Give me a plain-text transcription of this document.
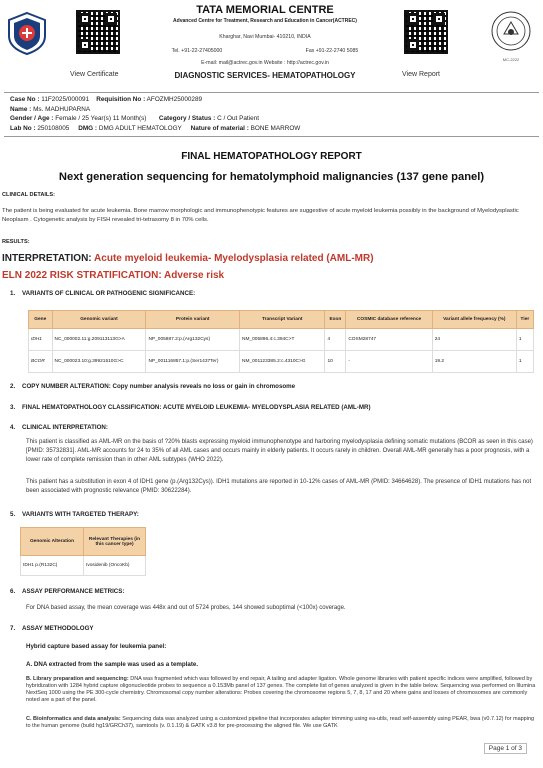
View Certificate	View Report
MC-2222
TATA MEMORIAL CENTRE
Advanced Centre for Treatment, Research and Education in Cancer(ACTREC)
Kharghar, Navi Mumbai- 410210, INDIA
Tel. +91-22-27405000	Fax +91-22-2740 5085
E-mail: mail@actrec.gov.in Website : http://actrec.gov.in
DIAGNOSTIC SERVICES- HEMATOPATHOLOGY
Case No : 11F2025/000091 Requisition No : AFOZMH25000289
Name : Ms. MADHUPARNA
Gender / Age : Female / 25 Year(s) 11 Month(s) Category / Status : C / Out Patient
Lab No : 250108005 DMG : DMG ADULT HEMATOLOGY Nature of material : BONE MARROW
FINAL HEMATOPATHOLOGY REPORT
Next generation sequencing for hematolymphoid malignancies (137 gene panel)
CLINICAL DETAILS:
The patient is being evaluated for acute leukemia. Bone marrow morphologic and immunophenotypic features are suggestive of acute myeloid leukemia possibly in the background of Myelodysplastic Neoplasm . Cytogenetic analysis by FISH revealed tri-tetrasomy 8 in 70% cells.
RESULTS:
INTERPRETATION: Acute myeloid leukemia- Myelodysplasia related (AML-MR)
ELN 2022 RISK STRATIFICATION: Adverse risk
1. VARIANTS OF CLINICAL OR PATHOGENIC SIGNIFICANCE:
Gene	Genomic variant	Protein variant	Transcript Variant	Exon	COSMIC database reference	Variant allele frequency (%)	Tier
IDH1	NC_000002.11:g.209113113G>A	NP_005887.2:p.(Arg132Cys)	NM_005896.4:c.394C>T	4	COSM28747	24	1
BCOR	NC_000023.10:g.39921510G>C	NP_001116857.1:p.(Ser1437Ter)	NM_001123385.2:c.4310C>G	10	-	19.2	1
2. COPY NUMBER ALTERATION: Copy number analysis reveals no loss or gain in chromosome
3. FINAL HEMATOPATHOLOGY CLASSIFICATION: ACUTE MYELOID LEUKEMIA- MYELODYSPLASIA RELATED (AML-MR)
4. CLINICAL INTERPRETATION:
This patient is classified as AML-MR on the basis of ?20% blasts expressing myeloid immunophenotype and harboring myelodysplasia defining somatic mutations (BCOR as seen in this case) [PMID: 35732831]. AML-MR accounts for 24 to 35% of all AML cases and occurs mainly in elderly patients. It occurs rarely in children. Overall AML-MR generally has a poor prognosis, with a lower rate of complete remission than in other AML subtypes (WHO 2022).
This patient has a substitution in exon 4 of IDH1 gene (p.(Arg132Cys)). IDH1 mutations are reported in 10-12% cases of AML-MR (PMID: 34664628). The presence of IDH1 mutations has not been associated with prognostic relevance (PMID: 30622284).
5. VARIANTS WITH TARGETED THERAPY:
Genomic Alteration	Relevant Therapies (in this cancer type)
IDH1 p.(R132C)	Ivosidenib (OncoKb)
6. ASSAY PERFORMANCE METRICS:
For DNA based assay, the mean coverage was 448x and out of 5724 probes, 144 showed suboptimal (<100x) coverage.
7. ASSAY METHODOLOGY
Hybrid capture based assay for leukemia panel:
A. DNA extracted from the sample was used as a template.
B. Library preparation and sequencing: DNA was fragmented which was followed by end repair, A tailing and adapter ligation. Whole genome libraries with patient specific indices were amplified, followed by hybridization with 1284 hybrid capture oligonucleotide probes to sequence a 0.153Mb panel of 137 genes. The complete list of genes analyzed is given in the table below. Sequencing was performed on Illumina NextSeq 1000 using the PE 300-cycle chemistry. Chromosomal copy number alterations: Probes covering the chromosome regions 5, 7, 8, 17 and 20 where gains and losses of chromosomes are commonly noted are a part of the panel.
C. Bioinformatics and data analysis: Sequencing data was analyzed using a customized pipeline that incorporates adapter trimming using ea-utils, read self-assembly using PEAR, bwa (v0.7.12) for mapping to the human genome (build hg19/GRCh37), samtools (v. 0.1.19) & GATK v3.8 for pre-processing the aligned file. We use GATK
Page 1 of 3
